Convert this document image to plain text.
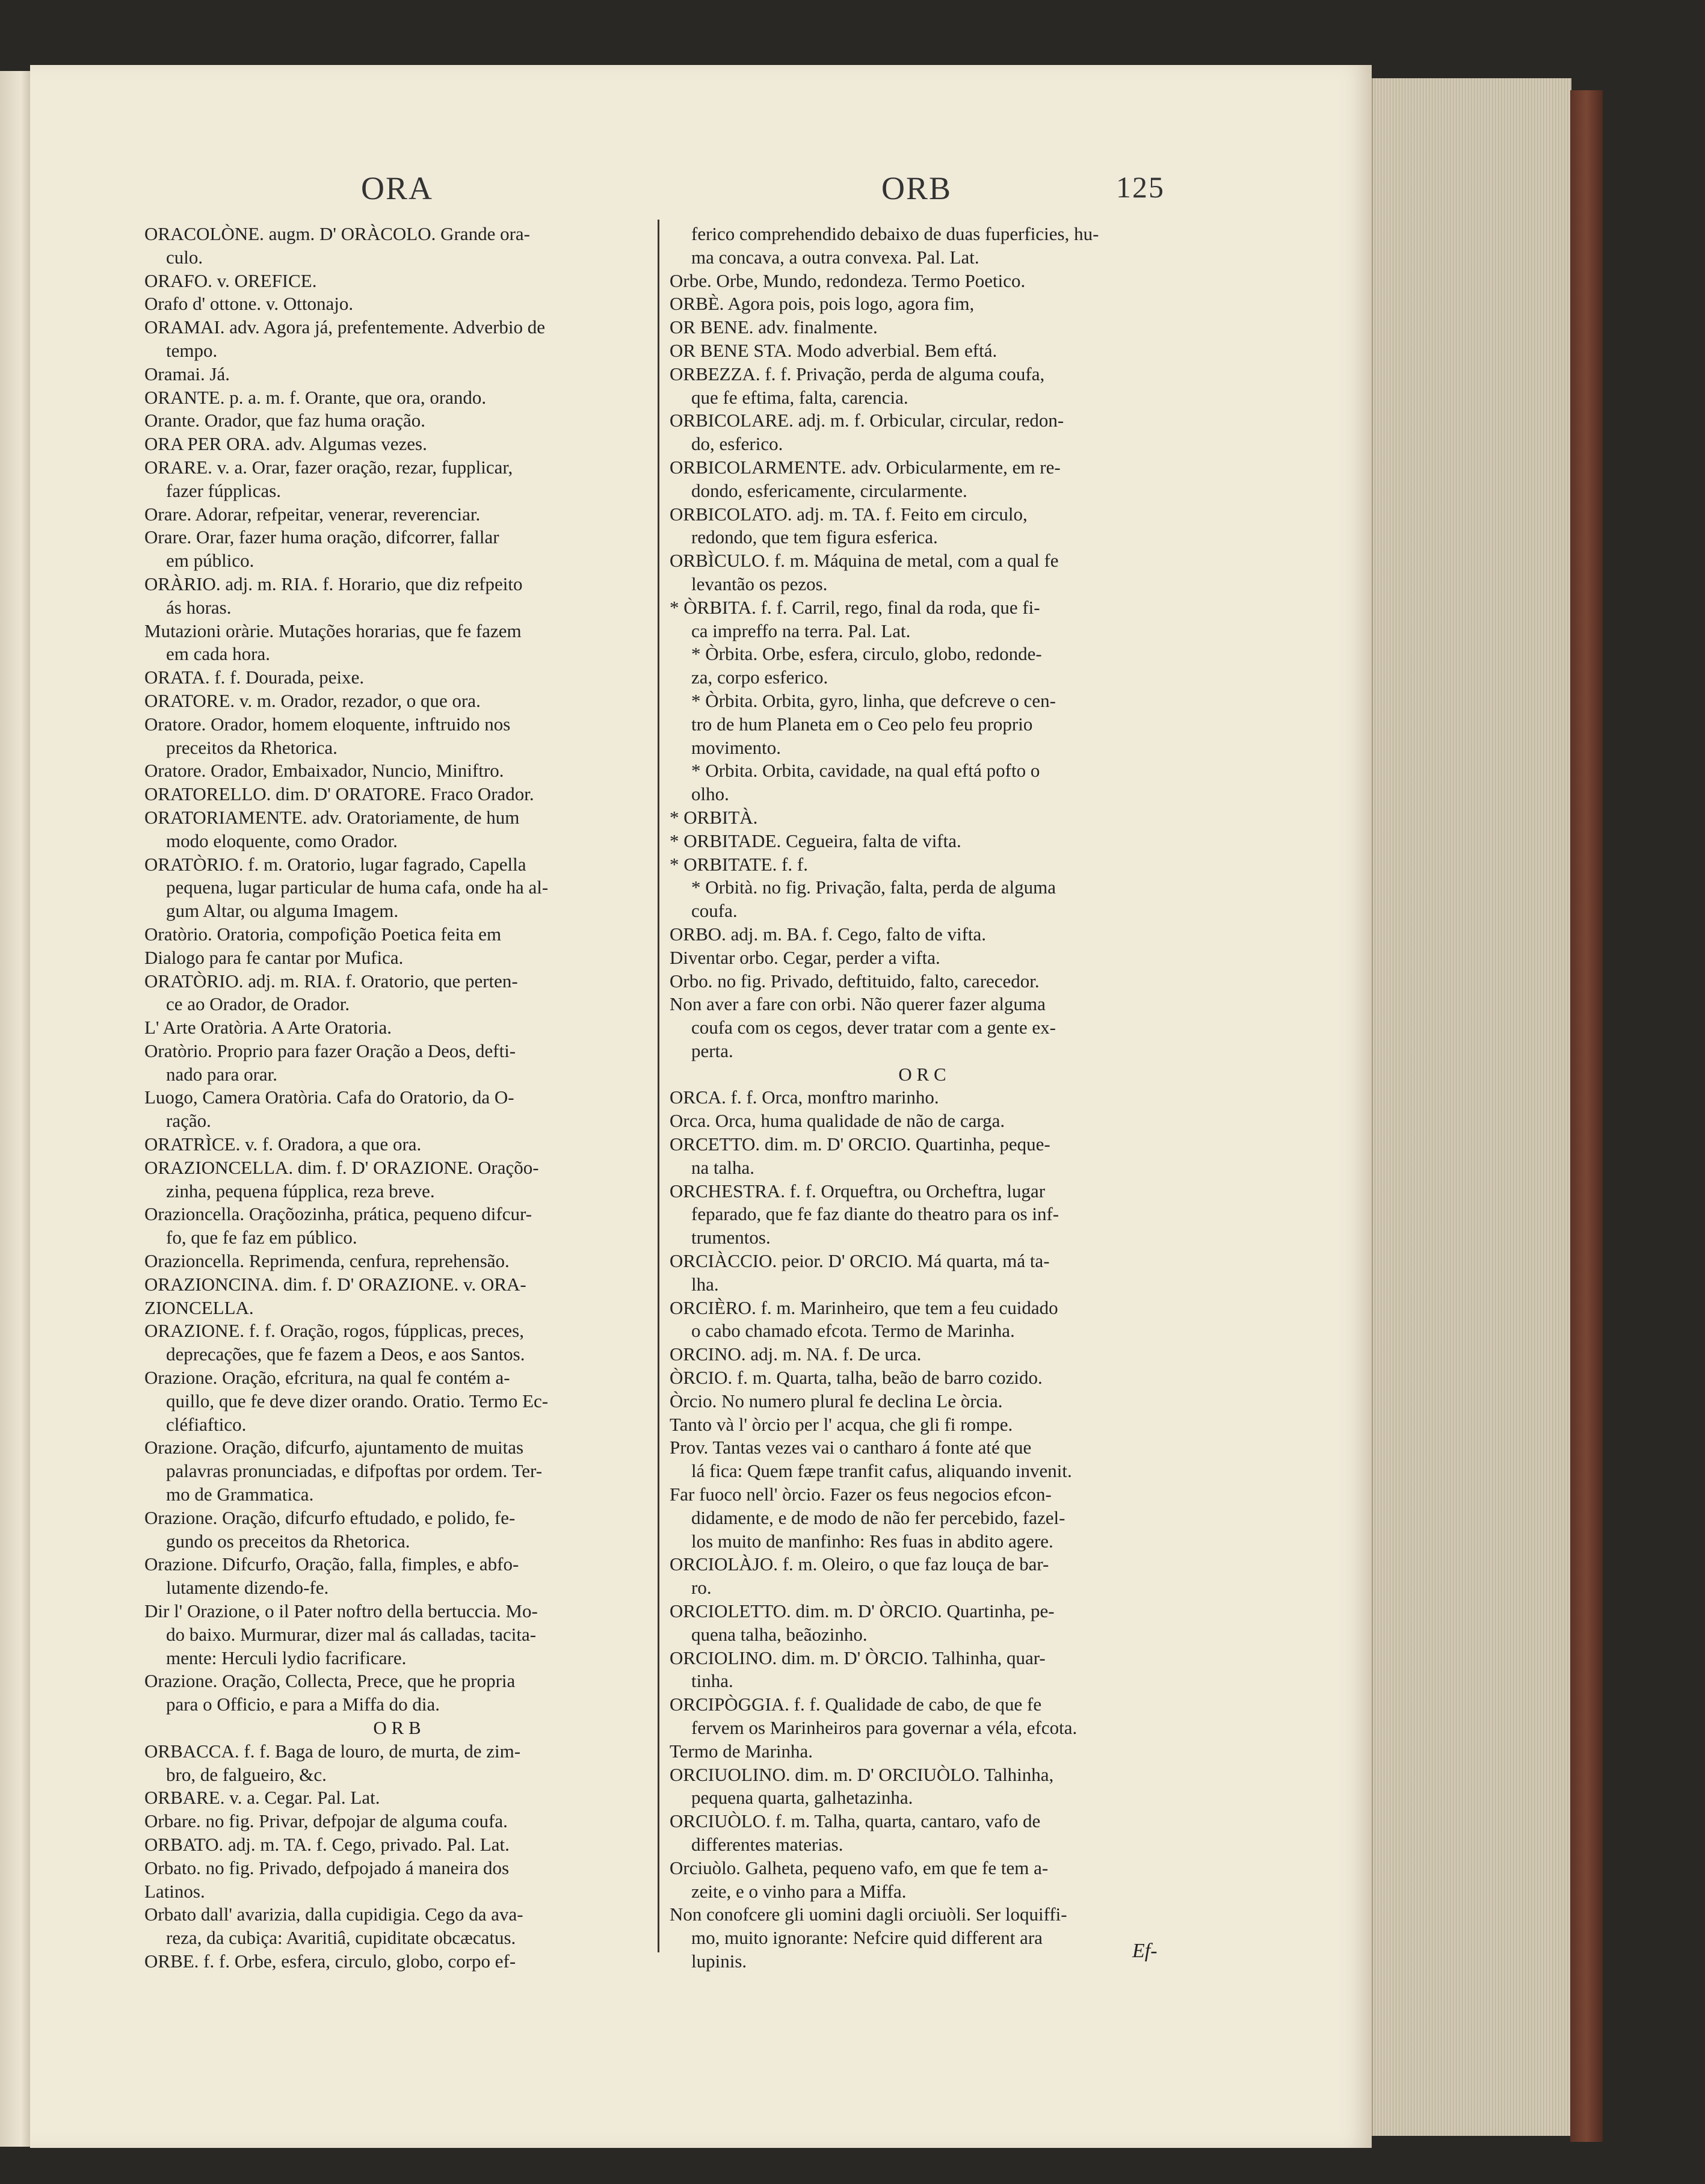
ORA	ORB	125
ORACOLÒNE. augm. D' ORÀCOLO. Grande ora-
culo.
ORAFO. v. OREFICE.
Orafo d' ottone. v. Ottonajo.
ORAMAI. adv. Agora já, prefentemente. Adverbio de
tempo.
Oramai. Já.
ORANTE. p. a. m. f. Orante, que ora, orando.
Orante. Orador, que faz huma oração.
ORA PER ORA. adv. Algumas vezes.
ORARE. v. a. Orar, fazer oração, rezar, fupplicar,
fazer fúpplicas.
Orare. Adorar, refpeitar, venerar, reverenciar.
Orare. Orar, fazer huma oração, difcorrer, fallar
em público.
ORÀRIO. adj. m. RIA. f. Horario, que diz refpeito
ás horas.
Mutazioni oràrie. Mutações horarias, que fe fazem
em cada hora.
ORATA. f. f. Dourada, peixe.
ORATORE. v. m. Orador, rezador, o que ora.
Oratore. Orador, homem eloquente, inftruido nos
preceitos da Rhetorica.
Oratore. Orador, Embaixador, Nuncio, Miniftro.
ORATORELLO. dim. D' ORATORE. Fraco Orador.
ORATORIAMENTE. adv. Oratoriamente, de hum
modo eloquente, como Orador.
ORATÒRIO. f. m. Oratorio, lugar fagrado, Capella
pequena, lugar particular de huma cafa, onde ha al-
gum Altar, ou alguma Imagem.
Oratòrio. Oratoria, compofição Poetica feita em
Dialogo para fe cantar por Mufica.
ORATÒRIO. adj. m. RIA. f. Oratorio, que perten-
ce ao Orador, de Orador.
L' Arte Oratòria. A Arte Oratoria.
Oratòrio. Proprio para fazer Oração a Deos, defti-
nado para orar.
Luogo, Camera Oratòria. Cafa do Oratorio, da O-
ração.
ORATRÌCE. v. f. Oradora, a que ora.
ORAZIONCELLA. dim. f. D' ORAZIONE. Oraçõo-
zinha, pequena fúpplica, reza breve.
Orazioncella. Oraçõozinha, prática, pequeno difcur-
fo, que fe faz em público.
Orazioncella. Reprimenda, cenfura, reprehensão.
ORAZIONCINA. dim. f. D' ORAZIONE. v. ORA-
ZIONCELLA.
ORAZIONE. f. f. Oração, rogos, fúpplicas, preces,
deprecações, que fe fazem a Deos, e aos Santos.
Orazione. Oração, efcritura, na qual fe contém a-
quillo, que fe deve dizer orando. Oratio. Termo Ec-
cléfiaftico.
Orazione. Oração, difcurfo, ajuntamento de muitas
palavras pronunciadas, e difpoftas por ordem. Ter-
mo de Grammatica.
Orazione. Oração, difcurfo eftudado, e polido, fe-
gundo os preceitos da Rhetorica.
Orazione. Difcurfo, Oração, falla, fimples, e abfo-
lutamente dizendo-fe.
Dir l' Orazione, o il Pater noftro della bertuccia. Mo-
do baixo. Murmurar, dizer mal ás calladas, tacita-
mente: Herculi lydio facrificare.
Orazione. Oração, Collecta, Prece, que he propria
para o Officio, e para a Miffa do dia.
O R B
ORBACCA. f. f. Baga de louro, de murta, de zim-
bro, de falgueiro, &c.
ORBARE. v. a. Cegar. Pal. Lat.
Orbare. no fig. Privar, defpojar de alguma coufa.
ORBATO. adj. m. TA. f. Cego, privado. Pal. Lat.
Orbato. no fig. Privado, defpojado á maneira dos
Latinos.
Orbato dall' avarizia, dalla cupidigia. Cego da ava-
reza, da cubiça: Avaritiâ, cupiditate obcæcatus.
ORBE. f. f. Orbe, esfera, circulo, globo, corpo ef-
ferico comprehendido debaixo de duas fuperficies, hu-
ma concava, a outra convexa. Pal. Lat.
Orbe. Orbe, Mundo, redondeza. Termo Poetico.
ORBÈ. Agora pois, pois logo, agora fim,
OR BENE. adv. finalmente.
OR BENE STA. Modo adverbial. Bem eftá.
ORBEZZA. f. f. Privação, perda de alguma coufa,
que fe eftima, falta, carencia.
ORBICOLARE. adj. m. f. Orbicular, circular, redon-
do, esferico.
ORBICOLARMENTE. adv. Orbicularmente, em re-
dondo, esfericamente, circularmente.
ORBICOLATO. adj. m. TA. f. Feito em circulo,
redondo, que tem figura esferica.
ORBÌCULO. f. m. Máquina de metal, com a qual fe
levantão os pezos.
* ÒRBITA. f. f. Carril, rego, final da roda, que fi-
ca impreffo na terra. Pal. Lat.
* Òrbita. Orbe, esfera, circulo, globo, redonde-
za, corpo esferico.
* Òrbita. Orbita, gyro, linha, que defcreve o cen-
tro de hum Planeta em o Ceo pelo feu proprio
movimento.
* Orbita. Orbita, cavidade, na qual eftá pofto o
olho.
* ORBITÀ.
* ORBITADE. Cegueira, falta de vifta.
* ORBITATE. f. f.
* Orbità. no fig. Privação, falta, perda de alguma
coufa.
ORBO. adj. m. BA. f. Cego, falto de vifta.
Diventar orbo. Cegar, perder a vifta.
Orbo. no fig. Privado, deftituido, falto, carecedor.
Non aver a fare con orbi. Não querer fazer alguma
coufa com os cegos, dever tratar com a gente ex-
perta.
O R C
ORCA. f. f. Orca, monftro marinho.
Orca. Orca, huma qualidade de não de carga.
ORCETTO. dim. m. D' ORCIO. Quartinha, peque-
na talha.
ORCHESTRA. f. f. Orqueftra, ou Orcheftra, lugar
feparado, que fe faz diante do theatro para os inf-
trumentos.
ORCIÀCCIO. peior. D' ORCIO. Má quarta, má ta-
lha.
ORCIÈRO. f. m. Marinheiro, que tem a feu cuidado
o cabo chamado efcota. Termo de Marinha.
ORCINO. adj. m. NA. f. De urca.
ÒRCIO. f. m. Quarta, talha, beão de barro cozido.
Òrcio. No numero plural fe declina Le òrcia.
Tanto và l' òrcio per l' acqua, che gli fi rompe.
Prov. Tantas vezes vai o cantharo á fonte até que
lá fica: Quem fæpe tranfit cafus, aliquando invenit.
Far fuoco nell' òrcio. Fazer os feus negocios efcon-
didamente, e de modo de não fer percebido, fazel-
los muito de manfinho: Res fuas in abdito agere.
ORCIOLÀJO. f. m. Oleiro, o que faz louça de bar-
ro.
ORCIOLETTO. dim. m. D' ÒRCIO. Quartinha, pe-
quena talha, beãozinho.
ORCIOLINO. dim. m. D' ÒRCIO. Talhinha, quar-
tinha.
ORCIPÒGGIA. f. f. Qualidade de cabo, de que fe
fervem os Marinheiros para governar a véla, efcota.
Termo de Marinha.
ORCIUOLINO. dim. m. D' ORCIUÒLO. Talhinha,
pequena quarta, galhetazinha.
ORCIUÒLO. f. m. Talha, quarta, cantaro, vafo de
differentes materias.
Orciuòlo. Galheta, pequeno vafo, em que fe tem a-
zeite, e o vinho para a Miffa.
Non conofcere gli uomini dagli orciuòli. Ser loquiffi-
mo, muito ignorante: Nefcire quid different ara
lupinis.	Ef-
